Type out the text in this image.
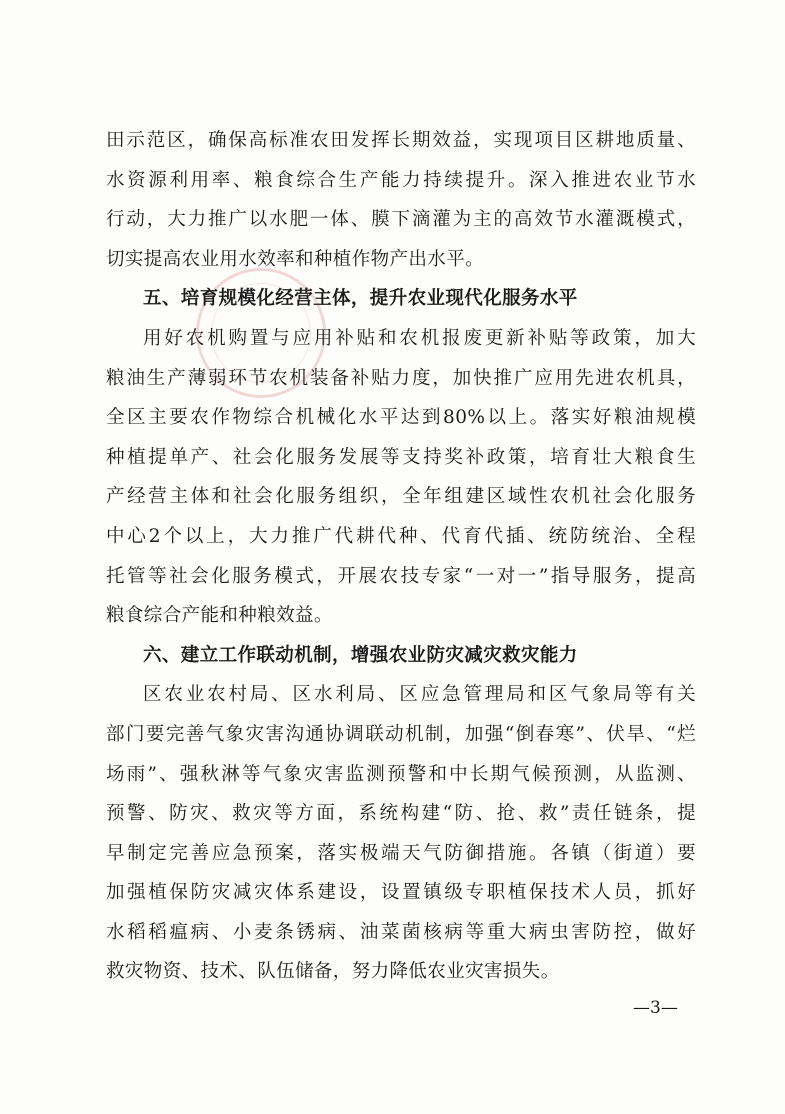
田示范区，确保高标准农田发挥长期效益，实现项目区耕地质量、
水资源利用率、粮食综合生产能力持续提升。深入推进农业节水
行动，大力推广以水肥一体、膜下滴灌为主的高效节水灌溉模式，
切实提高农业用水效率和种植作物产出水平。
五、培育规模化经营主体，提升农业现代化服务水平
用好农机购置与应用补贴和农机报废更新补贴等政策，加大
粮油生产薄弱环节农机装备补贴力度，加快推广应用先进农机具，
全区主要农作物综合机械化水平达到80%以上。落实好粮油规模
种植提单产、社会化服务发展等支持奖补政策，培育壮大粮食生
产经营主体和社会化服务组织，全年组建区域性农机社会化服务
中心2个以上，大力推广代耕代种、代育代插、统防统治、全程
托管等社会化服务模式，开展农技专家“一对一”指导服务，提高
粮食综合产能和种粮效益。
六、建立工作联动机制，增强农业防灾减灾救灾能力
区农业农村局、区水利局、区应急管理局和区气象局等有关
部门要完善气象灾害沟通协调联动机制，加强“倒春寒”、伏旱、“烂
场雨”、强秋淋等气象灾害监测预警和中长期气候预测，从监测、
预警、防灾、救灾等方面，系统构建“防、抢、救”责任链条，提
早制定完善应急预案，落实极端天气防御措施。各镇（街道）要
加强植保防灾减灾体系建设，设置镇级专职植保技术人员，抓好
水稻稻瘟病、小麦条锈病、油菜菌核病等重大病虫害防控，做好
救灾物资、技术、队伍储备，努力降低农业灾害损失。
—3—
